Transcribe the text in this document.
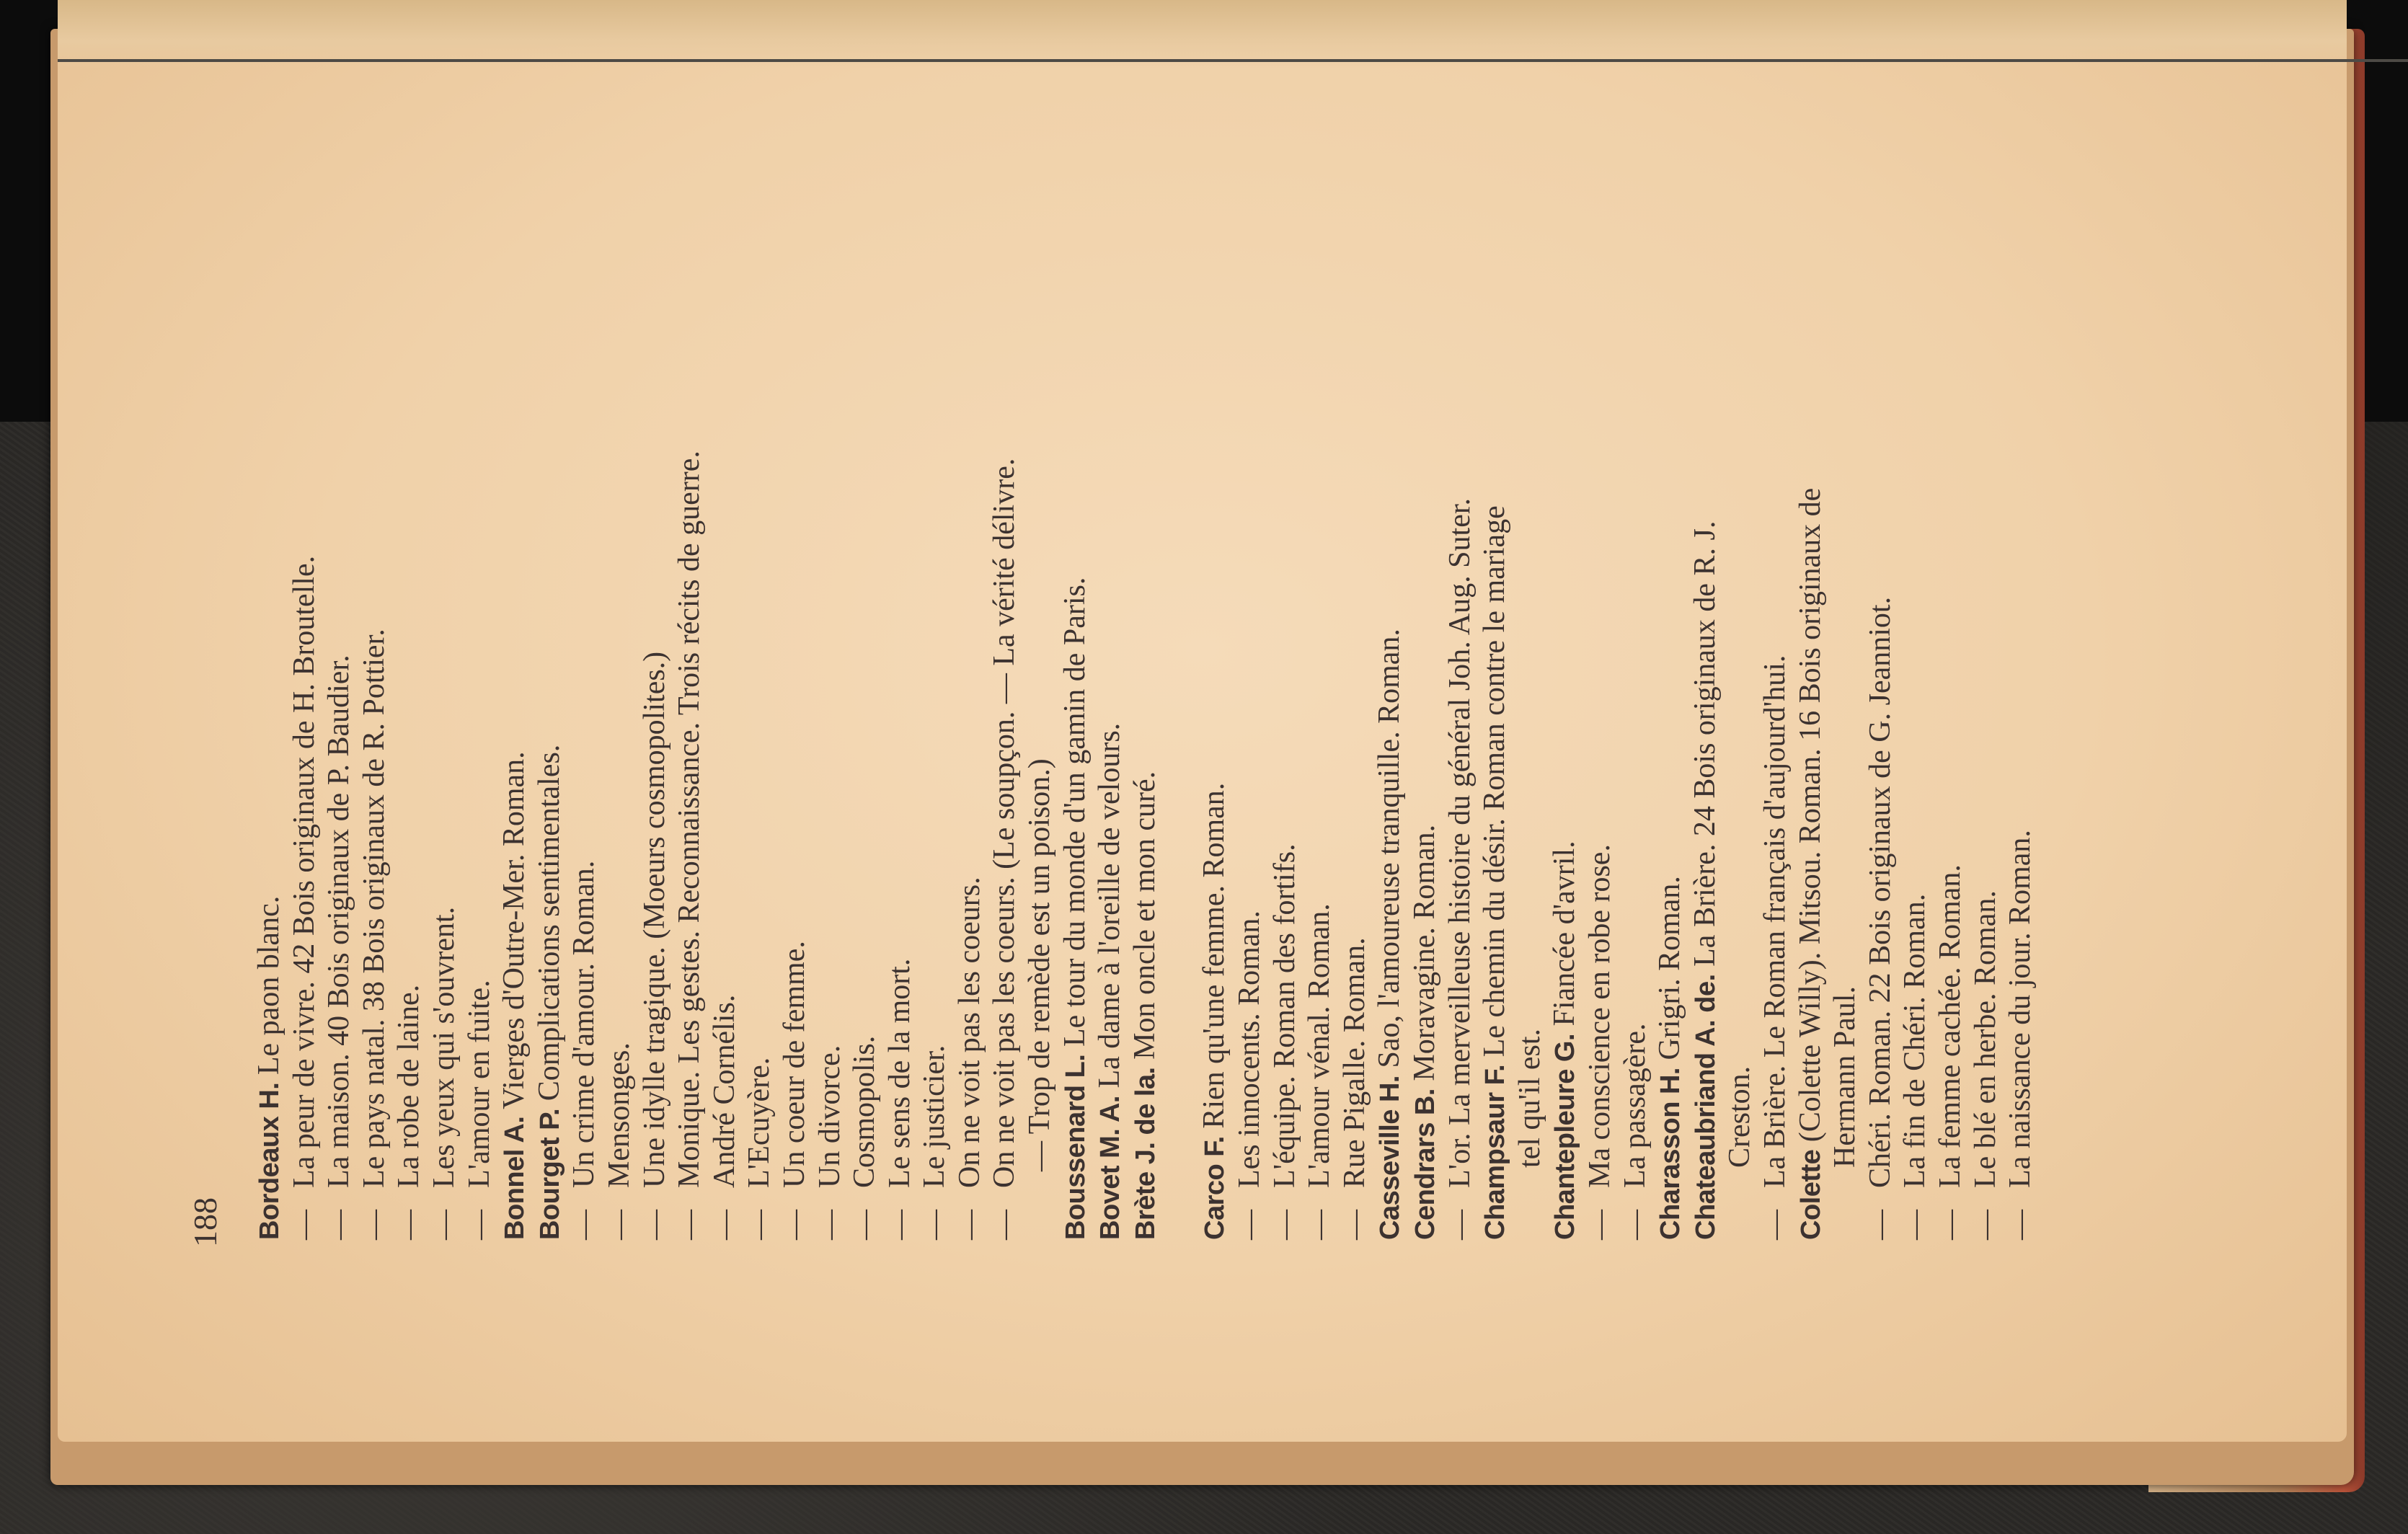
188	Bordeaux H. Le paon blanc.
—La peur de vivre. 42 Bois originaux de H. Broutelle.
—La maison. 40 Bois originaux de P. Baudier.
—Le pays natal. 38 Bois originaux de R. Pottier.
—La robe de laine.
—Les yeux qui s'ouvrent.
—L'amour en fuite. Bonnel A. Vierges d'Outre-Mer. Roman.
Bourget P. Complications sentimentales.
—Un crime d'amour. Roman.
—Mensonges.
—Une idylle tragique. (Moeurs cosmopolites.)
—Monique. Les gestes. Reconnaissance. Trois récits de guerre.
—André Cornélis.
—L'Ecuyère.
—Un coeur de femme.
—Un divorce.
—Cosmopolis.
—Le sens de la mort.
—Le justicier.
—On ne voit pas les coeurs.
—On ne voit pas les coeurs. (Le soupçon. — La vérité délivre. — Trop de remède est un poison.) Boussenard L. Le tour du monde d'un gamin de Paris.
Bovet M. A. La dame à l'oreille de velours.
Brète J. de la. Mon oncle et mon curé.
Carco F. Rien qu'une femme. Roman.
—Les innocents. Roman.
—L'équipe. Roman des fortifs.
—L'amour vénal. Roman.
—Rue Pigalle. Roman. Casseville H. Sao, l'amoureuse tranquille. Roman.
Cendrars B. Moravagine. Roman.
—L'or. La merveilleuse histoire du général Joh. Aug. Suter. Champsaur F. Le chemin du désir. Roman contre le mariage
tel qu'il est. Chantepleure G. Fiancée d'avril.
—Ma conscience en robe rose.
—La passagère. Charasson H. Grigri. Roman.
Chateaubriand A. de. La Brière. 24 Bois originaux de R. J.
Creston.
—La Brière. Le Roman français d'aujourd'hui.
Colette (Colette Willy). Mitsou. Roman. 16 Bois originaux de Hermann Paul.
—Chéri. Roman. 22 Bois originaux de G. Jeanniot.
—La fin de Chéri. Roman.
—La femme cachée. Roman.
—Le blé en herbe. Roman.
—La naissance du jour. Roman.
